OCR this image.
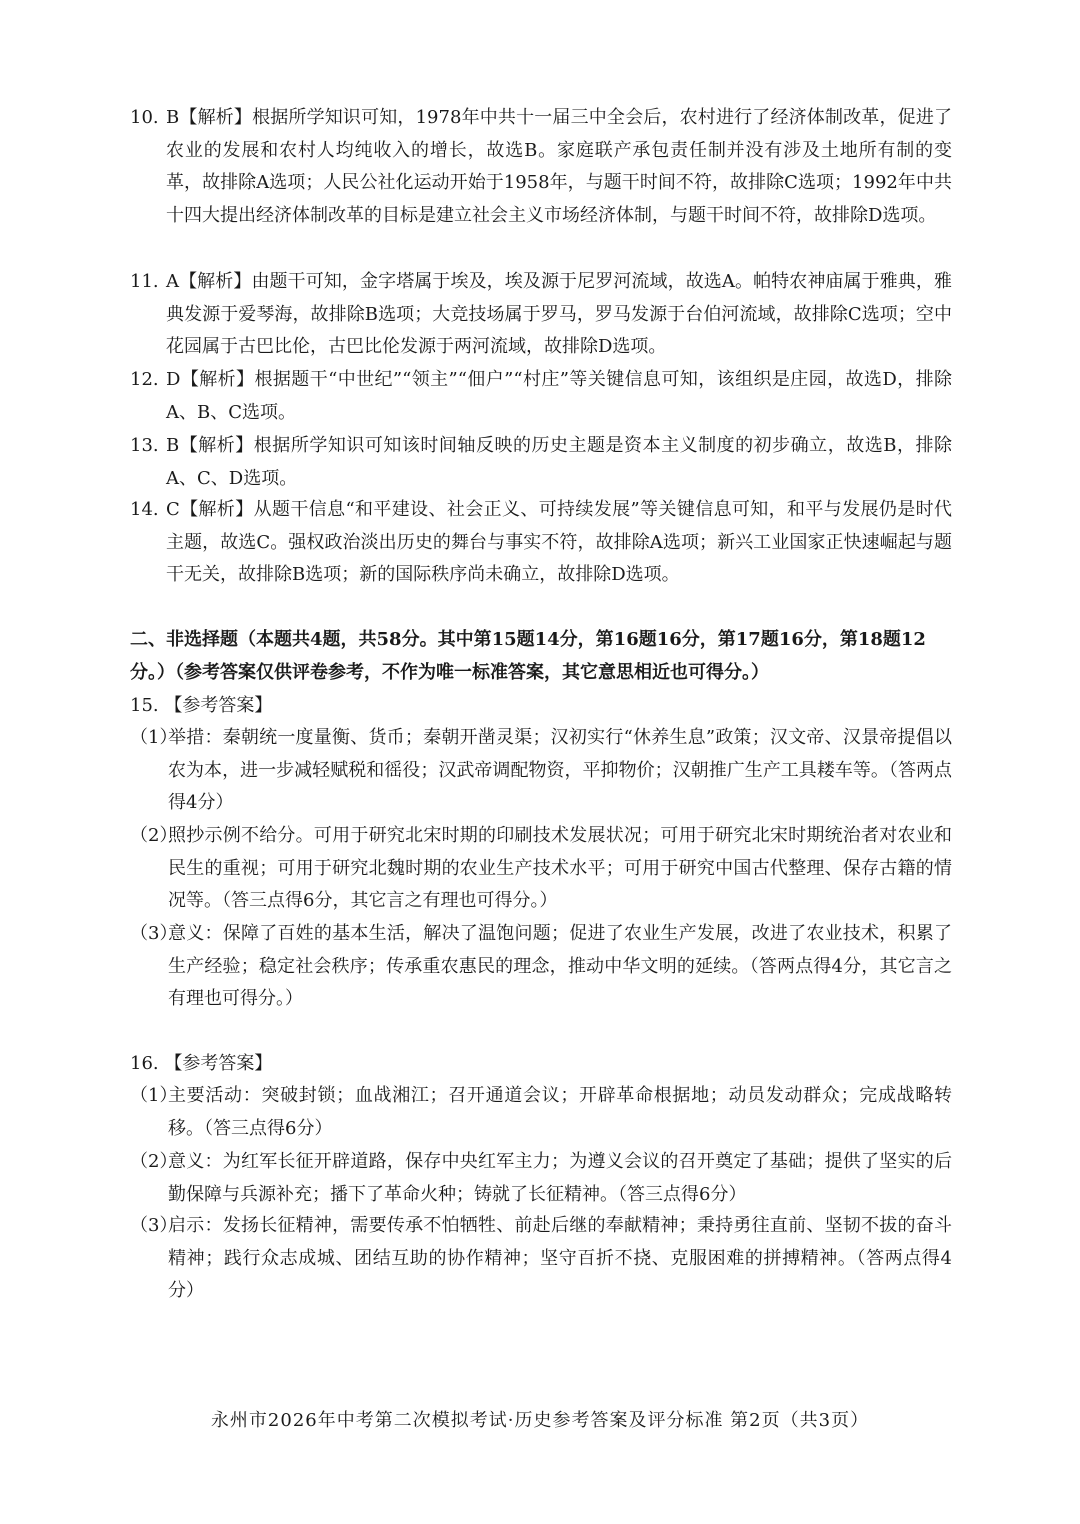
10. B【解析】根据所学知识可知，1978年中共十一届三中全会后，农村进行了经济体制改革，促进了农业的发展和农村人均纯收入的增长，故选B。家庭联产承包责任制并没有涉及土地所有制的变革，故排除A选项；人民公社化运动开始于1958年，与题干时间不符，故排除C选项；1992年中共十四大提出经济体制改革的目标是建立社会主义市场经济体制，与题干时间不符，故排除D选项。
11. A【解析】由题干可知，金字塔属于埃及，埃及源于尼罗河流域，故选A。帕特农神庙属于雅典，雅典发源于爱琴海，故排除B选项；大竞技场属于罗马，罗马发源于台伯河流域，故排除C选项；空中花园属于古巴比伦，古巴比伦发源于两河流域，故排除D选项。
12. D【解析】根据题干“中世纪”“领主”“佃户”“村庄”等关键信息可知，该组织是庄园，故选D，排除A、B、C选项。
13. B【解析】根据所学知识可知该时间轴反映的历史主题是资本主义制度的初步确立，故选B，排除A、C、D选项。
14. C【解析】从题干信息“和平建设、社会正义、可持续发展”等关键信息可知，和平与发展仍是时代主题，故选C。强权政治淡出历史的舞台与事实不符，故排除A选项；新兴工业国家正快速崛起与题干无关，故排除B选项；新的国际秩序尚未确立，故排除D选项。
二、非选择题（本题共4题，共58分。其中第15题14分，第16题16分，第17题16分，第18题12分。）（参考答案仅供评卷参考，不作为唯一标准答案，其它意思相近也可得分。）
15. 【参考答案】
（1）
举措：秦朝统一度量衡、货币；秦朝开凿灵渠；汉初实行“休养生息”政策；汉文帝、汉景帝提倡以农为本，进一步减轻赋税和徭役；汉武帝调配物资，平抑物价；汉朝推广生产工具耧车等。（答两点得4分）
（2）
照抄示例不给分。可用于研究北宋时期的印刷技术发展状况；可用于研究北宋时期统治者对农业和民生的重视；可用于研究北魏时期的农业生产技术水平；可用于研究中国古代整理、保存古籍的情况等。（答三点得6分，其它言之有理也可得分。）
（3）
意义：保障了百姓的基本生活，解决了温饱问题；促进了农业生产发展，改进了农业技术，积累了生产经验；稳定社会秩序；传承重农惠民的理念，推动中华文明的延续。（答两点得4分，其它言之有理也可得分。）
16. 【参考答案】
（1）
主要活动：突破封锁；血战湘江；召开通道会议；开辟革命根据地；动员发动群众；完成战略转移。（答三点得6分）
（2）
意义：为红军长征开辟道路，保存中央红军主力；为遵义会议的召开奠定了基础；提供了坚实的后勤保障与兵源补充；播下了革命火种；铸就了长征精神。（答三点得6分）
（3）
启示：发扬长征精神，需要传承不怕牺牲、前赴后继的奉献精神；秉持勇往直前、坚韧不拔的奋斗精神；践行众志成城、团结互助的协作精神；坚守百折不挠、克服困难的拼搏精神。（答两点得4分）
永州市2026年中考第二次模拟考试·历史参考答案及评分标准 第2页（共3页）
